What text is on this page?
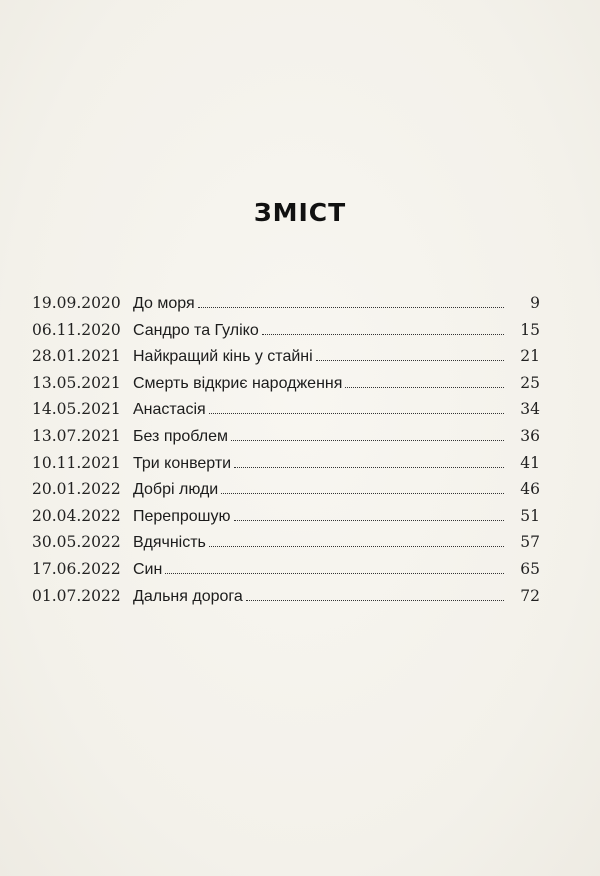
ЗМІСТ
19.09.2020 До моря	9
06.11.2020 Сандро та Гуліко	15
28.01.2021 Найкращий кінь у стайні	21
13.05.2021 Смерть відкриє народження	25
14.05.2021 Анастасія	34
13.07.2021 Без проблем	36
10.11.2021 Три конверти	41
20.01.2022 Добрі люди	46
20.04.2022 Перепрошую	51
30.05.2022 Вдячність	57
17.06.2022 Син	65
01.07.2022 Дальня дорога	72
